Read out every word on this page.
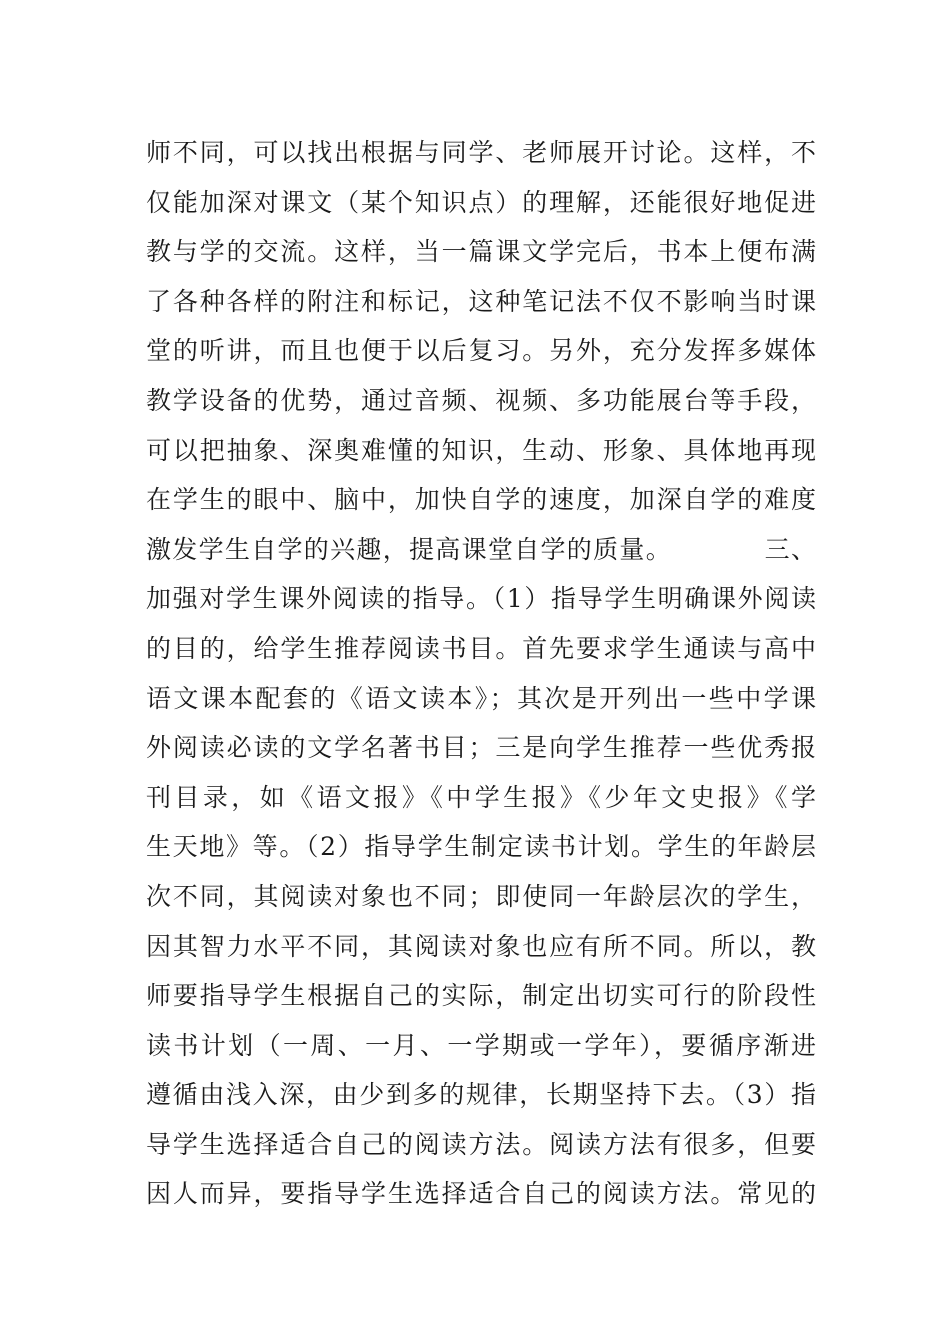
师不同，可以找出根据与同学、老师展开讨论。这样，不
仅能加深对课文（某个知识点）的理解，还能很好地促进
教与学的交流。这样，当一篇课文学完后，书本上便布满
了各种各样的附注和标记，这种笔记法不仅不影响当时课
堂的听讲，而且也便于以后复习。另外，充分发挥多媒体
教学设备的优势，通过音频、视频、多功能展台等手段，
可以把抽象、深奥难懂的知识，生动、形象、具体地再现
在学生的眼中、脑中，加快自学的速度，加深自学的难度
激发学生自学的兴趣，提高课堂自学的质量。　　　　三、
加强对学生课外阅读的指导。（1）指导学生明确课外阅读
的目的，给学生推荐阅读书目。首先要求学生通读与高中
语文课本配套的《语文读本》；其次是开列出一些中学课
外阅读必读的文学名著书目；三是向学生推荐一些优秀报
刊目录，如《语文报》《中学生报》《少年文史报》《学
生天地》等。（2）指导学生制定读书计划。学生的年龄层
次不同，其阅读对象也不同；即使同一年龄层次的学生，
因其智力水平不同，其阅读对象也应有所不同。所以，教
师要指导学生根据自己的实际，制定出切实可行的阶段性
读书计划（一周、一月、一学期或一学年），要循序渐进
遵循由浅入深，由少到多的规律，长期坚持下去。（3）指
导学生选择适合自己的阅读方法。阅读方法有很多，但要
因人而异，要指导学生选择适合自己的阅读方法。常见的
